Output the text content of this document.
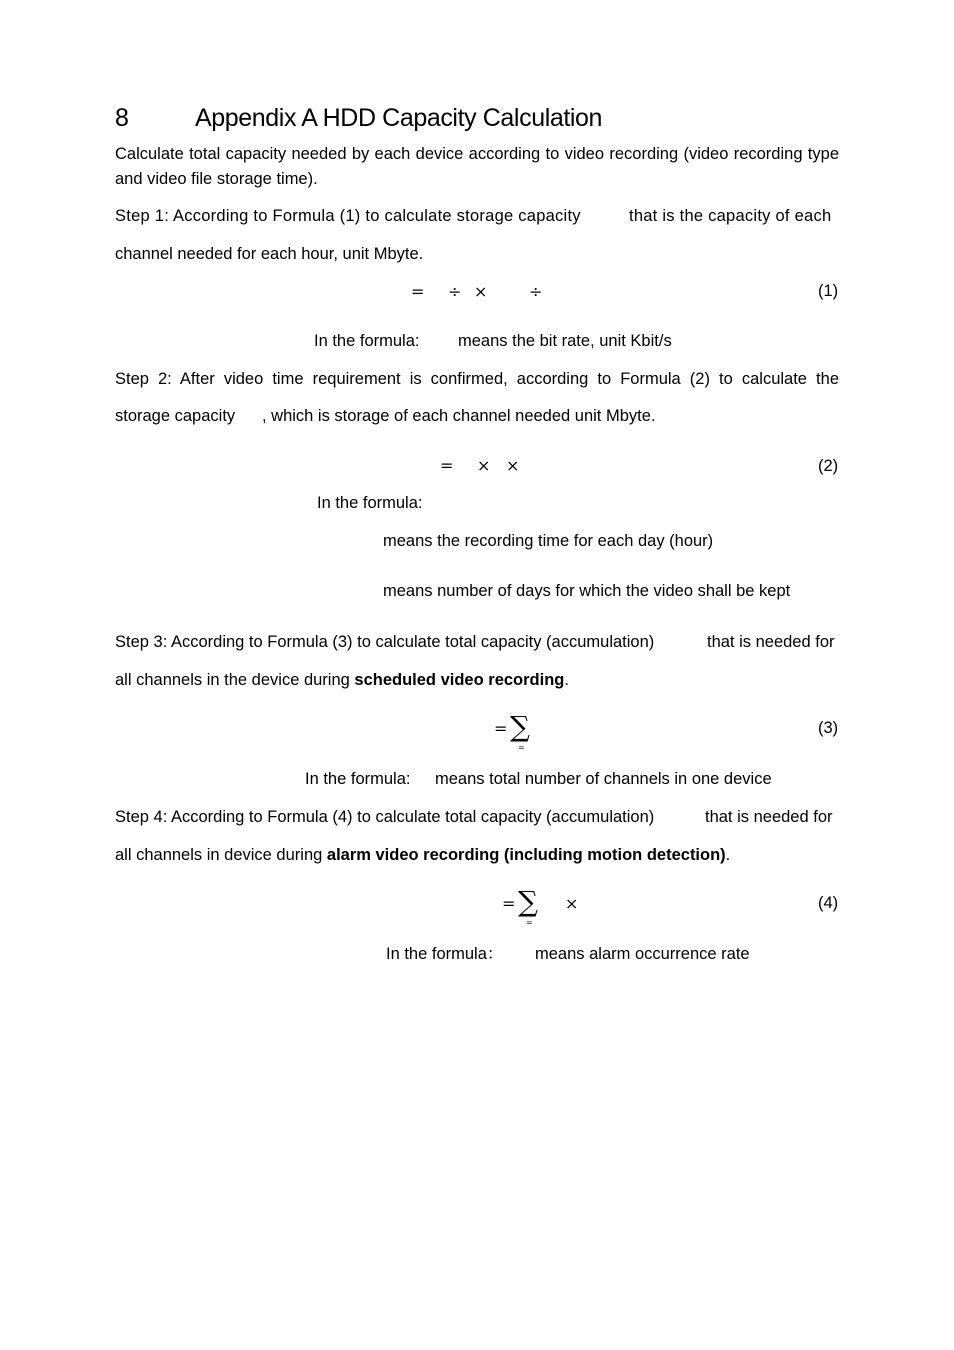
8	Appendix A HDD Capacity Calculation
Calculate total capacity needed by each device according to video recording (video recording type and video file storage time).
Step 1: According to Formula (1) to calculate storage capacity	that is the capacity of each
channel needed for each hour, unit Mbyte.
= ÷ ×	÷	(1)
In the formula: means the bit rate, unit Kbit/s
Step 2: After video time requirement is confirmed, according to Formula (2) to calculate the
storage capacity , which is storage of each channel needed unit Mbyte.
= × ×	(2)
In the formula:
means the recording time for each day (hour)
means number of days for which the video shall be kept
Step 3: According to Formula (3) to calculate total capacity (accumulation)	that is needed for
all channels in the device during scheduled video recording.
= ∑
=
(3)
In the formula: means total number of channels in one device
Step 4: According to Formula (4) to calculate total capacity (accumulation)	that is needed for
all channels in device during alarm video recording (including motion detection).
= ∑
=
×	(4)
In the formula： means alarm occurrence rate
